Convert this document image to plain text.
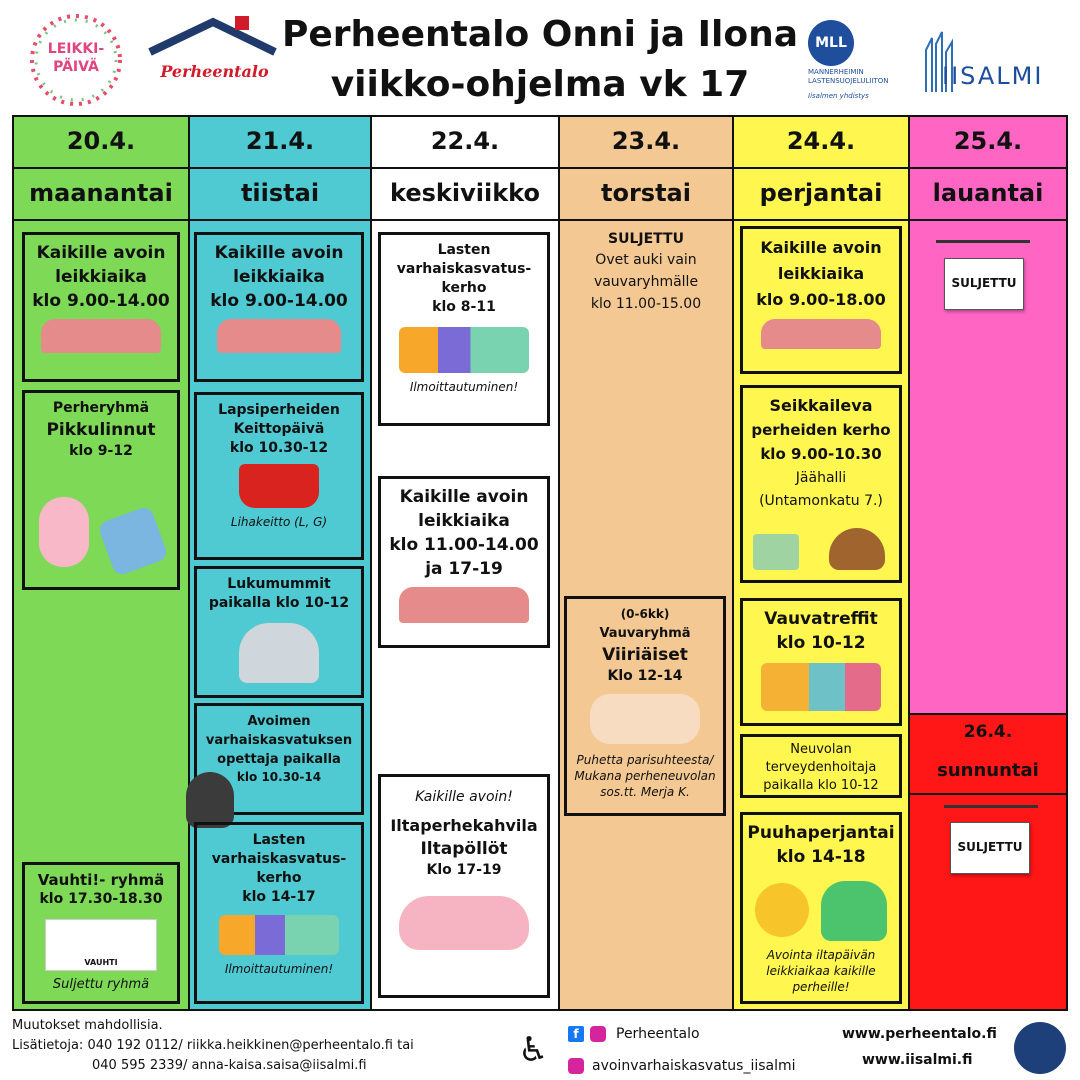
LEIKKI-PÄIVÄ	Perheentalo
Perheentalo Onni ja Ilona
viikko-ohjelma vk 17
MLL
MANNERHEIMIN LASTENSUOJELULIITON
Iisalmen yhdistys
IISALMI
20.4.
maanantai
21.4.
tiistai
22.4.
keskiviikko
23.4.
torstai
24.4.
perjantai
25.4.
lauantai
26.4.
sunnuntai
Kaikille avoin
leikkiaika
klo 9.00-14.00
Perheryhmä
Pikkulinnut
klo 9-12
Vauhti!- ryhmä
klo 17.30-18.30
VAUHTI
Suljettu ryhmä
Kaikille avoin
leikkiaika
klo 9.00-14.00
Lapsiperheiden
Keittopäivä
klo 10.30-12
Lihakeitto (L, G)
Lukumummit
paikalla klo 10-12
Avoimen
varhaiskasvatuksen
opettaja paikalla
klo 10.30-14
Lasten
varhaiskasvatus-
kerho
klo 14-17
Ilmoittautuminen!
Lasten
varhaiskasvatus-
kerho
klo 8-11
Ilmoittautuminen!
Kaikille avoin
leikkiaika
klo 11.00-14.00
ja 17-19
Kaikille avoin!
Iltaperhekahvila
Iltapöllöt
Klo 17-19
SULJETTU
Ovet auki vain
vauvaryhmälle
klo 11.00-15.00
(0-6kk)
Vauvaryhmä
Viiriäiset
Klo 12-14
Puhetta parisuhteesta/
Mukana perheneuvolan
sos.tt. Merja K.
Kaikille avoin
leikkiaika
klo 9.00-18.00
Seikkaileva
perheiden kerho
klo 9.00-10.30
Jäähalli
(Untamonkatu 7.)
Vauvatreffit
klo 10-12
Neuvolan
terveydenhoitaja
paikalla klo 10-12
Puuhaperjantai
klo 14-18
Avointa iltapäivän
leikkiaikaa kaikille
perheille!
SULJETTU
SULJETTU
Muutokset mahdollisia.
Lisätietoja: 040 192 0112/ riikka.heikkinen@perheentalo.fi tai
040 595 2339/ anna-kaisa.saisa@iisalmi.fi	♿	f	Perheentalo
avoinvarhaiskasvatus_iisalmi
www.perheentalo.fi
www.iisalmi.fi
